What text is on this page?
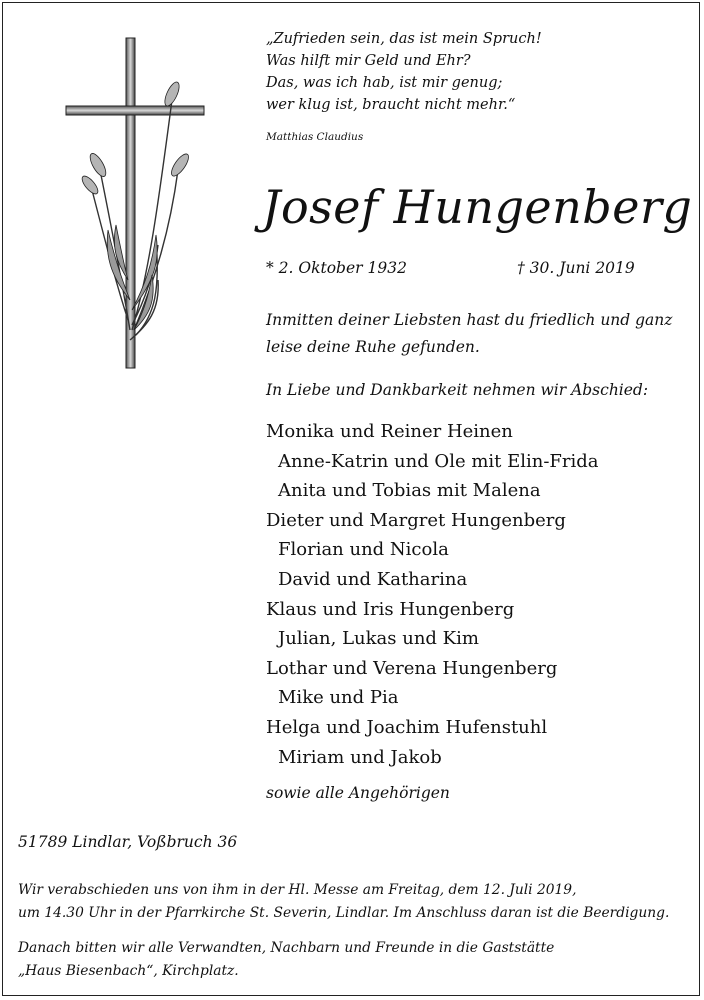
„Zufrieden sein, das ist mein Spruch!
Was hilft mir Geld und Ehr?
Das, was ich hab, ist mir genug;
wer klug ist, braucht nicht mehr.“
Matthias Claudius
Josef Hungenberg
* 2. Oktober 1932	† 30. Juni 2019
Inmitten deiner Liebsten hast du friedlich und ganz
leise deine Ruhe gefunden.
In Liebe und Dankbarkeit nehmen wir Abschied:
Monika und Reiner Heinen
Anne-Katrin und Ole mit Elin-Frida
Anita und Tobias mit Malena
Dieter und Margret Hungenberg
Florian und Nicola
David und Katharina
Klaus und Iris Hungenberg
Julian, Lukas und Kim
Lothar und Verena Hungenberg
Mike und Pia
Helga und Joachim Hufenstuhl
Miriam und Jakob
sowie alle Angehörigen
51789 Lindlar, Voßbruch 36
Wir verabschieden uns von ihm in der Hl. Messe am Freitag, dem 12. Juli 2019,
um 14.30 Uhr in der Pfarrkirche St. Severin, Lindlar. Im Anschluss daran ist die Beerdigung.
Danach bitten wir alle Verwandten, Nachbarn und Freunde in die Gaststätte
„Haus Biesenbach“, Kirchplatz.
